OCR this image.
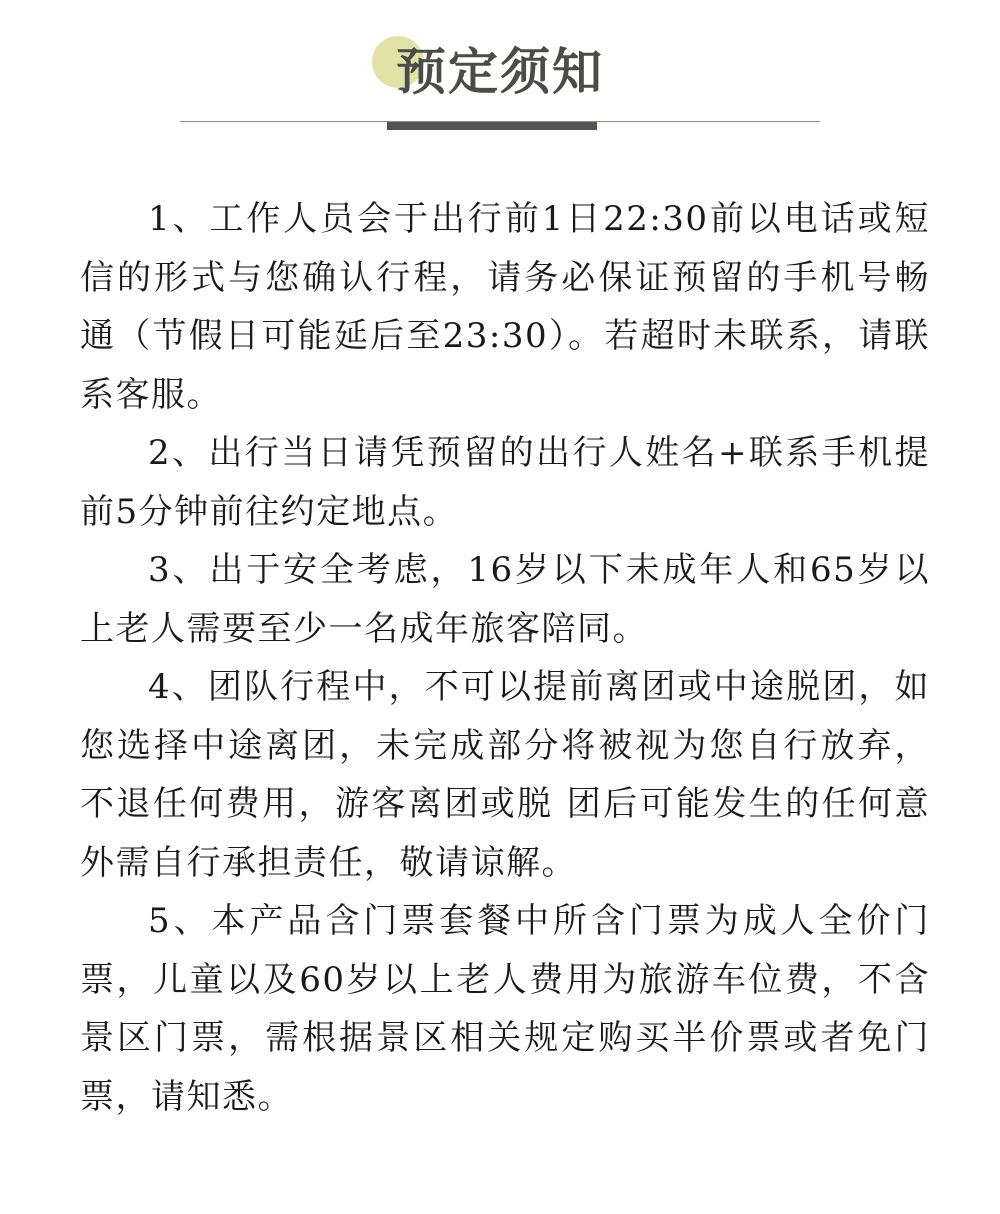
预定须知

1、工作人员会于出行前1日22:30前以电话或短信的形式与您确认行程，请务必保证预留的手机号畅通（节假日可能延后至23:30）。若超时未联系，请联系客服。

2、出行当日请凭预留的出行人姓名+联系手机提前5分钟前往约定地点。

3、出于安全考虑，16岁以下未成年人和65岁以上老人需要至少一名成年旅客陪同。

4、团队行程中，不可以提前离团或中途脱团，如您选择中途离团，未完成部分将被视为您自行放弃，不退任何费用，游客离团或脱 团后可能发生的任何意外需自行承担责任，敬请谅解。

5、本产品含门票套餐中所含门票为成人全价门票，儿童以及60岁以上老人费用为旅游车位费，不含景区门票，需根据景区相关规定购买半价票或者免门票，请知悉。
